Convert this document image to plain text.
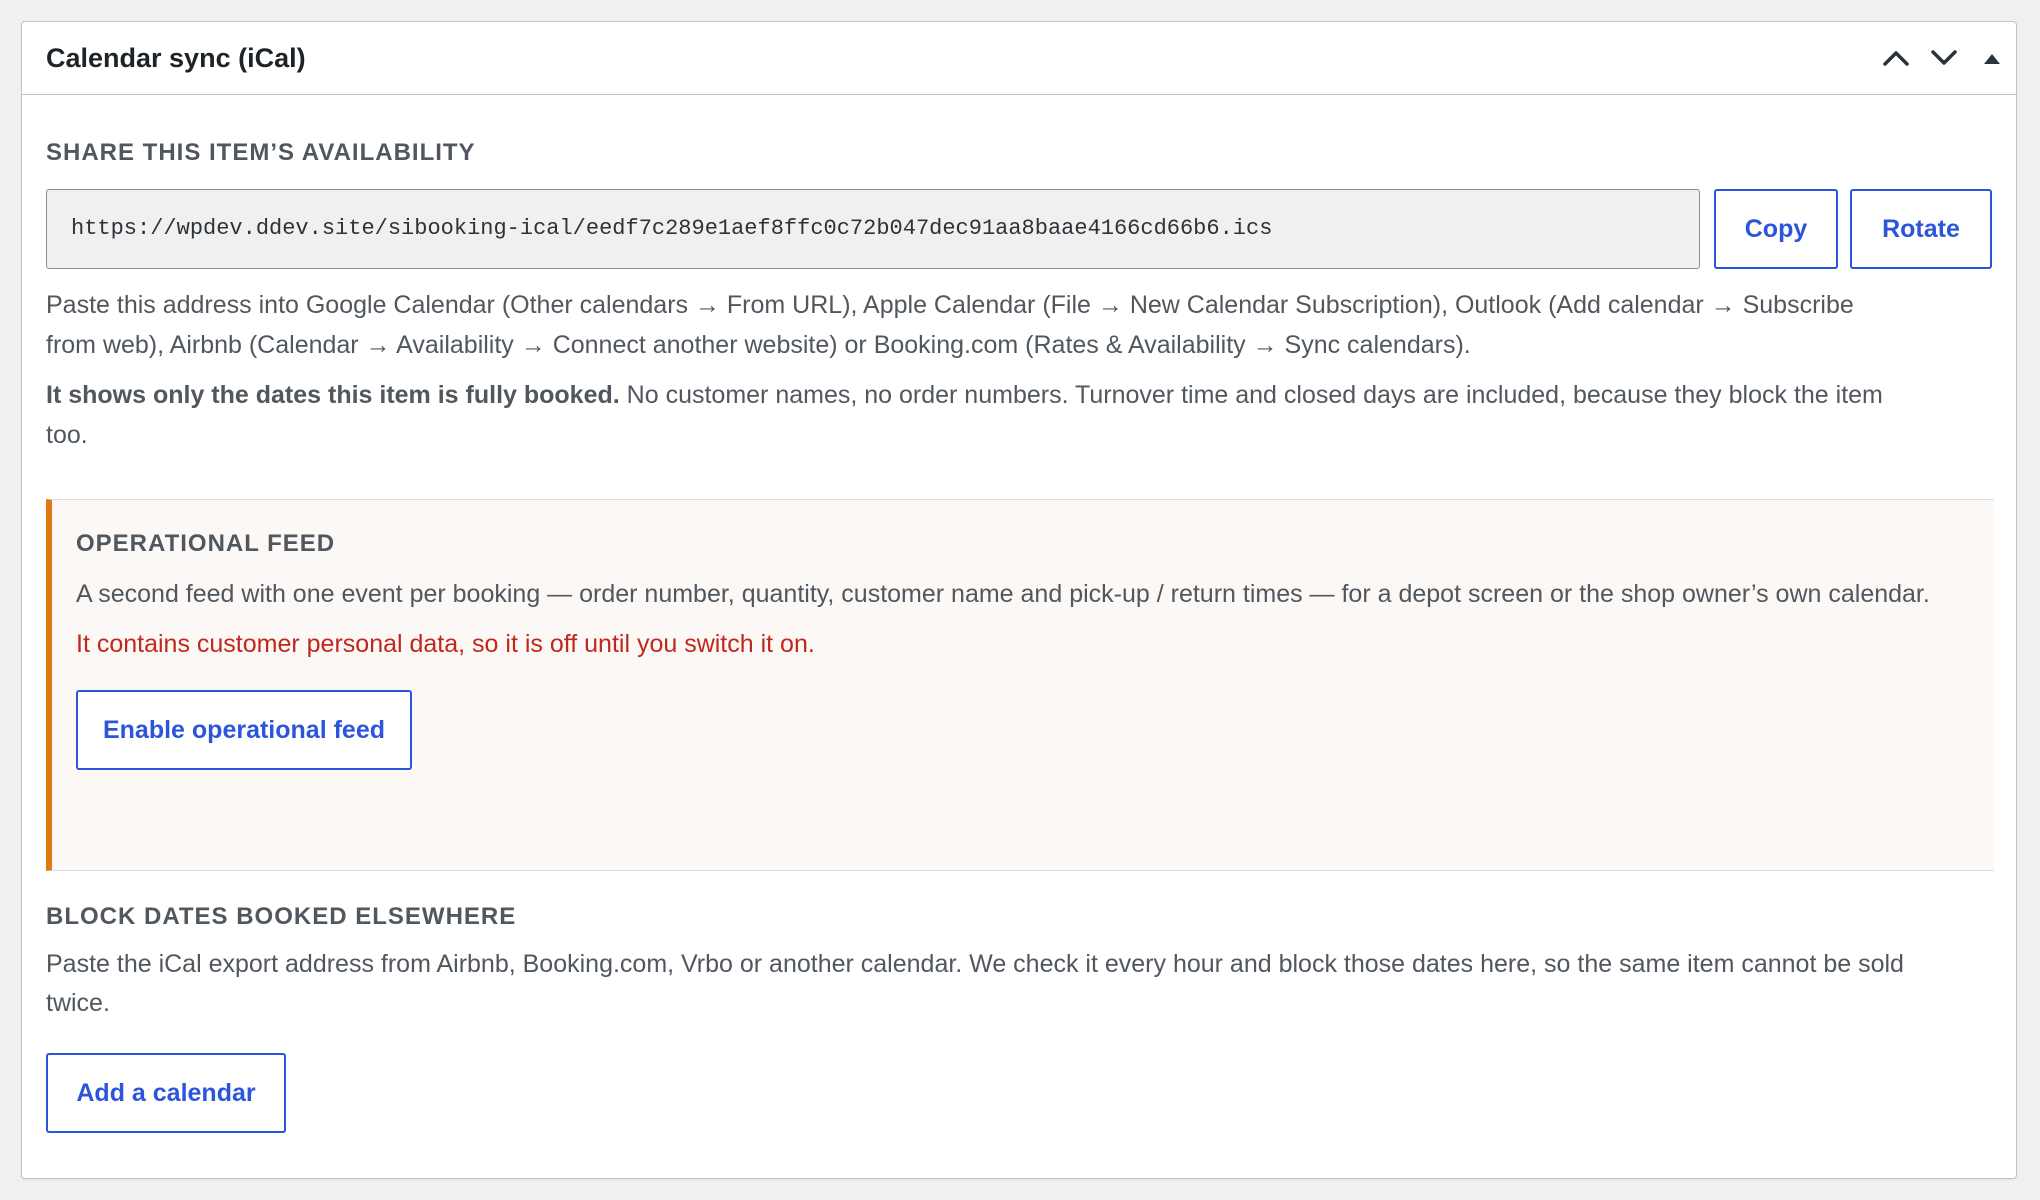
Calendar sync (iCal)
SHARE THIS ITEM’S AVAILABILITY
https://wpdev.ddev.site/sibooking-ical/eedf7c289e1aef8ffc0c72b047dec91aa8baae4166cd66b6.ics	Copy	Rotate

Paste this address into Google Calendar (Other calendars → From URL), Apple Calendar (File → New Calendar Subscription), Outlook (Add calendar → Subscribe from web), Airbnb (Calendar → Availability → Connect another website) or Booking.com (Rates & Availability → Sync calendars).

It shows only the dates this item is fully booked. No customer names, no order numbers. Turnover time and closed days are included, because they block the item too.

OPERATIONAL FEED

A second feed with one event per booking — order number, quantity, customer name and pick-up / return times — for a depot screen or the shop owner’s own calendar.

It contains customer personal data, so it is off until you switch it on.

Enable operational feed
BLOCK DATES BOOKED ELSEWHERE

Paste the iCal export address from Airbnb, Booking.com, Vrbo or another calendar. We check it every hour and block those dates here, so the same item cannot be sold twice.

Add a calendar
